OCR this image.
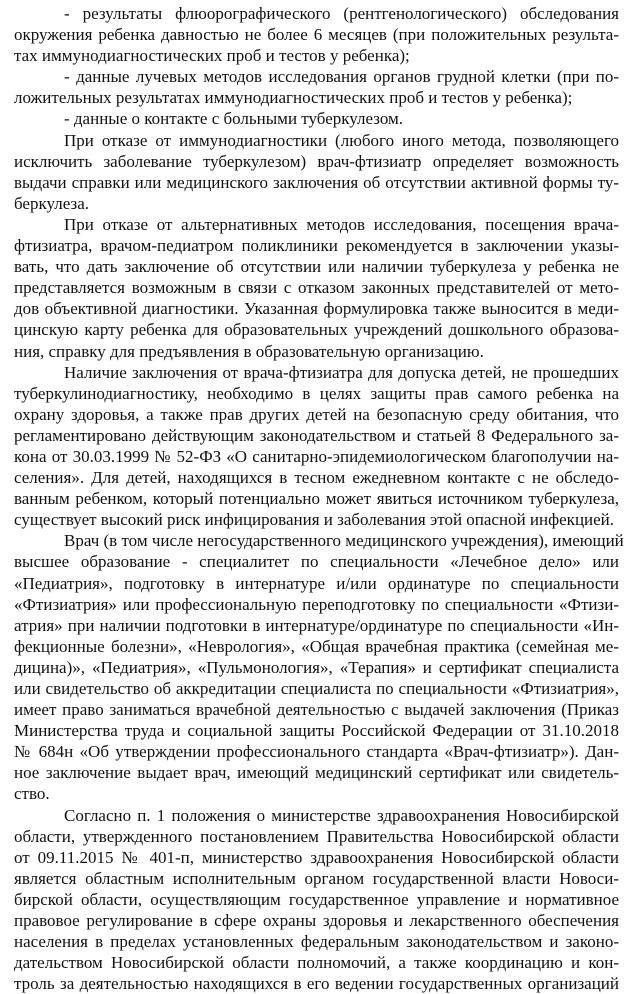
- результаты флюорографического (рентгенологического) обследования
окружения ребенка давностью не более 6 месяцев (при положительных результа-
тах иммунодиагностических проб и тестов у ребенка);
- данные лучевых методов исследования органов грудной клетки (при по-
ложительных результатах иммунодиагностических проб и тестов у ребенка);
- данные о контакте с больными туберкулезом.
При отказе от иммунодиагностики (любого иного метода, позволяющего
исключить заболевание туберкулезом) врач-фтизиатр определяет возможность
выдачи справки или медицинского заключения об отсутствии активной формы ту-
беркулеза.
При отказе от альтернативных методов исследования, посещения врача-
фтизиатра, врачом-педиатром поликлиники рекомендуется в заключении указы-
вать, что дать заключение об отсутствии или наличии туберкулеза у ребенка не
представляется возможным в связи с отказом законных представителей от мето-
дов объективной диагностики. Указанная формулировка также выносится в меди-
цинскую карту ребенка для образовательных учреждений дошкольного образова-
ния, справку для предъявления в образовательную организацию.
Наличие заключения от врача-фтизиатра для допуска детей, не прошедших
туберкулинодиагностику, необходимо в целях защиты прав самого ребенка на
охрану здоровья, а также прав других детей на безопасную среду обитания, что
регламентировано действующим законодательством и статьей 8 Федерального за-
кона от 30.03.1999 № 52-ФЗ «О санитарно-эпидемиологическом благополучии на-
селения». Для детей, находящихся в тесном ежедневном контакте с не обследо-
ванным ребенком, который потенциально может явиться источником туберкулеза,
существует высокий риск инфицирования и заболевания этой опасной инфекцией.
Врач (в том числе негосударственного медицинского учреждения), имеющий
высшее образование - специалитет по специальности «Лечебное дело» или
«Педиатрия», подготовку в интернатуре и/или ординатуре по специальности
«Фтизиатрия» или профессиональную переподготовку по специальности «Фтизи-
атрия» при наличии подготовки в интернатуре/ординатуре по специальности «Ин-
фекционные болезни», «Неврология», «Общая врачебная практика (семейная ме-
дицина)», «Педиатрия», «Пульмонология», «Терапия» и сертификат специалиста
или свидетельство об аккредитации специалиста по специальности «Фтизиатрия»,
имеет право заниматься врачебной деятельностью с выдачей заключения (Приказ
Министерства труда и социальной защиты Российской Федерации от 31.10.2018
№ 684н «Об утверждении профессионального стандарта «Врач-фтизиатр»). Дан-
ное заключение выдает врач, имеющий медицинский сертификат или свидетель-
ство.
Согласно п. 1 положения о министерстве здравоохранения Новосибирской
области, утвержденного постановлением Правительства Новосибирской области
от 09.11.2015 № 401-п, министерство здравоохранения Новосибирской области
является областным исполнительным органом государственной власти Новоси-
бирской области, осуществляющим государственное управление и нормативное
правовое регулирование в сфере охраны здоровья и лекарственного обеспечения
населения в пределах установленных федеральным законодательством и законо-
дательством Новосибирской области полномочий, а также координацию и кон-
троль за деятельностью находящихся в его ведении государственных организаций
